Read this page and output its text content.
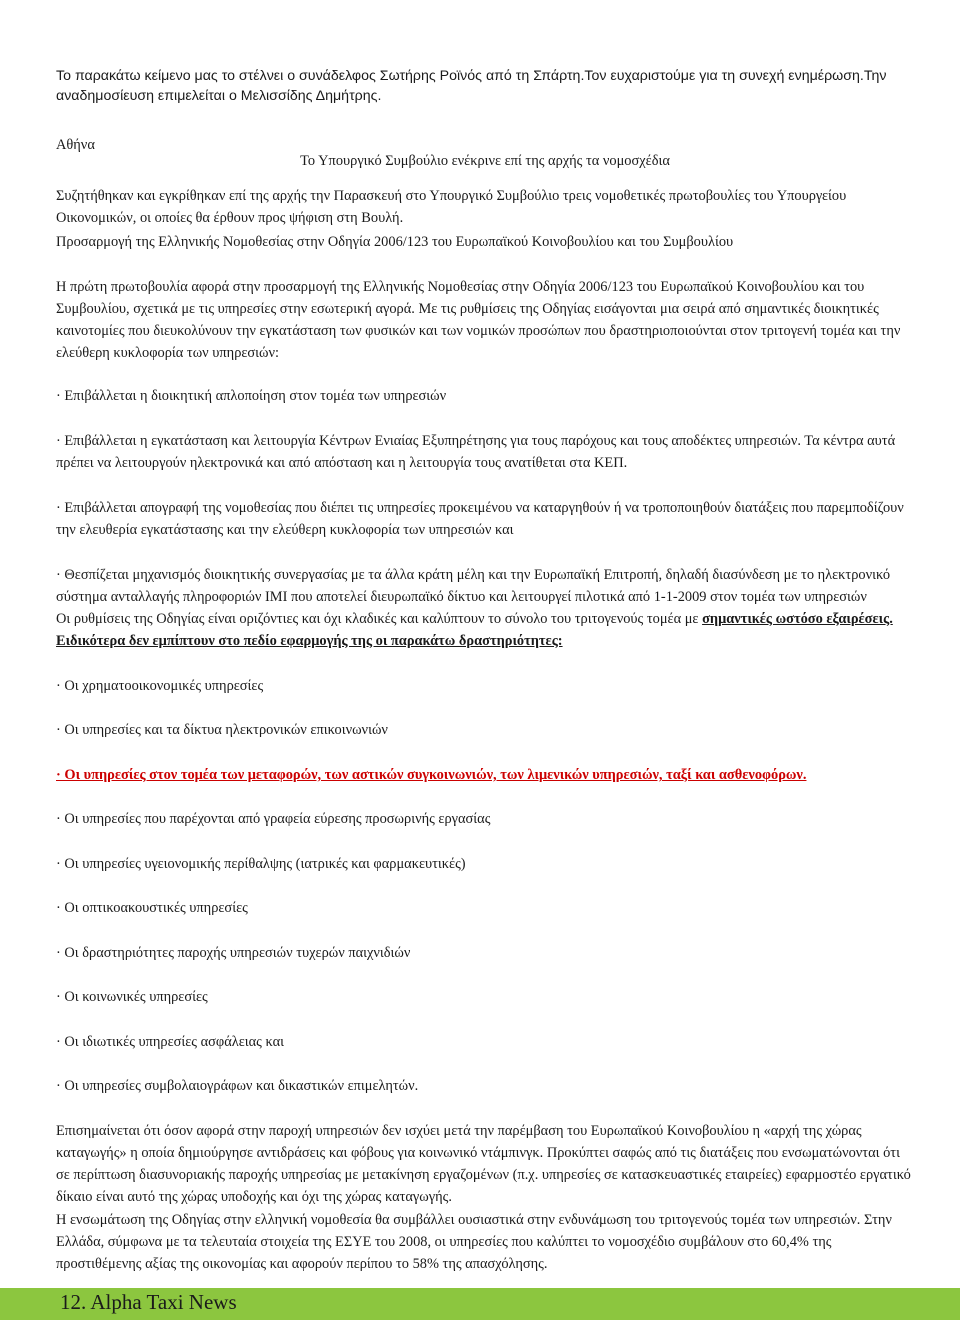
Το παρακάτω κείμενο μας το στέλνει ο συνάδελφος Σωτήρης Ροϊνός από τη Σπάρτη.Τον ευχαριστούμε για τη συνεχή ενημέρωση.Την αναδημοσίευση επιμελείται ο Μελισσίδης Δημήτρης.

Αθήνα

Το Υπουργικό Συμβούλιο ενέκρινε επί της αρχής τα νομοσχέδια

Συζητήθηκαν και εγκρίθηκαν επί της αρχής την Παρασκευή στο Υπουργικό Συμβούλιο τρεις νομοθετικές πρωτοβουλίες του Υπουργείου Οικονομικών, οι οποίες θα έρθουν προς ψήφιση στη Βουλή.

Προσαρμογή της Ελληνικής Νομοθεσίας στην Οδηγία 2006/123 του Ευρωπαϊκού Κοινοβουλίου και του Συμβουλίου

Η πρώτη πρωτοβουλία αφορά στην προσαρμογή της Ελληνικής Νομοθεσίας στην Οδηγία 2006/123 του Ευρωπαϊκού Κοινοβουλίου και του Συμβουλίου, σχετικά με τις υπηρεσίες στην εσωτερική αγορά. Με τις ρυθμίσεις της Οδηγίας εισάγονται μια σειρά από σημαντικές διοικητικές καινοτομίες που διευκολύνουν την εγκατάσταση των φυσικών και των νομικών προσώπων που δραστηριοποιούνται στον τριτογενή τομέα και την ελεύθερη κυκλοφορία των υπηρεσιών:

· Επιβάλλεται η διοικητική απλοποίηση στον τομέα των υπηρεσιών

· Επιβάλλεται η εγκατάσταση και λειτουργία Κέντρων Ενιαίας Εξυπηρέτησης για τους παρόχους και τους αποδέκτες υπηρεσιών. Τα κέντρα αυτά πρέπει να λειτουργούν ηλεκτρονικά και από απόσταση και η λειτουργία τους ανατίθεται στα ΚΕΠ.

· Επιβάλλεται απογραφή της νομοθεσίας που διέπει τις υπηρεσίες προκειμένου να καταργηθούν ή να τροποποιηθούν διατάξεις που παρεμποδίζουν την ελευθερία εγκατάστασης και την ελεύθερη κυκλοφορία των υπηρεσιών και

· Θεσπίζεται μηχανισμός διοικητικής συνεργασίας με τα άλλα κράτη μέλη και την Ευρωπαϊκή Επιτροπή, δηλαδή διασύνδεση με το ηλεκτρονικό σύστημα ανταλλαγής πληροφοριών IMI που αποτελεί διευρωπαϊκό δίκτυο και λειτουργεί πιλοτικά από 1-1-2009 στον τομέα των υπηρεσιών

Οι ρυθμίσεις της Οδηγίας είναι οριζόντιες και όχι κλαδικές και καλύπτουν το σύνολο του τριτογενούς τομέα με σημαντικές ωστόσο εξαιρέσεις.

Ειδικότερα δεν εμπίπτουν στο πεδίο εφαρμογής της οι παρακάτω δραστηριότητες:

· Οι χρηματοοικονομικές υπηρεσίες

· Οι υπηρεσίες και τα δίκτυα ηλεκτρονικών επικοινωνιών

· Οι υπηρεσίες στον τομέα των μεταφορών, των αστικών συγκοινωνιών, των λιμενικών υπηρεσιών, ταξί και ασθενοφόρων.

· Οι υπηρεσίες που παρέχονται από γραφεία εύρεσης προσωρινής εργασίας

· Οι υπηρεσίες υγειονομικής περίθαλψης (ιατρικές και φαρμακευτικές)

· Οι οπτικοακουστικές υπηρεσίες

· Οι δραστηριότητες παροχής υπηρεσιών τυχερών παιχνιδιών

· Οι κοινωνικές υπηρεσίες

· Οι ιδιωτικές υπηρεσίες ασφάλειας και

· Οι υπηρεσίες συμβολαιογράφων και δικαστικών επιμελητών.

Επισημαίνεται ότι όσον αφορά στην παροχή υπηρεσιών δεν ισχύει μετά την παρέμβαση του Ευρωπαϊκού Κοινοβουλίου η «αρχή της χώρας καταγωγής» η οποία δημιούργησε αντιδράσεις και φόβους για κοινωνικό ντάμπινγκ. Προκύπτει σαφώς από τις διατάξεις που ενσωματώνονται ότι σε περίπτωση διασυνοριακής παροχής υπηρεσίας με μετακίνηση εργαζομένων (π.χ. υπηρεσίες σε κατασκευαστικές εταιρείες) εφαρμοστέο εργατικό δίκαιο είναι αυτό της χώρας υποδοχής και όχι της χώρας καταγωγής.

Η ενσωμάτωση της Οδηγίας στην ελληνική νομοθεσία θα συμβάλλει ουσιαστικά στην ενδυνάμωση του τριτογενούς τομέα των υπηρεσιών. Στην Ελλάδα, σύμφωνα με τα τελευταία στοιχεία της ΕΣΥΕ του 2008, οι υπηρεσίες που καλύπτει το νομοσχέδιο συμβάλουν στο 60,4% της προστιθέμενης αξίας της οικονομίας και αφορούν περίπου το 58% της απασχόλησης.

12. Alpha Taxi News
